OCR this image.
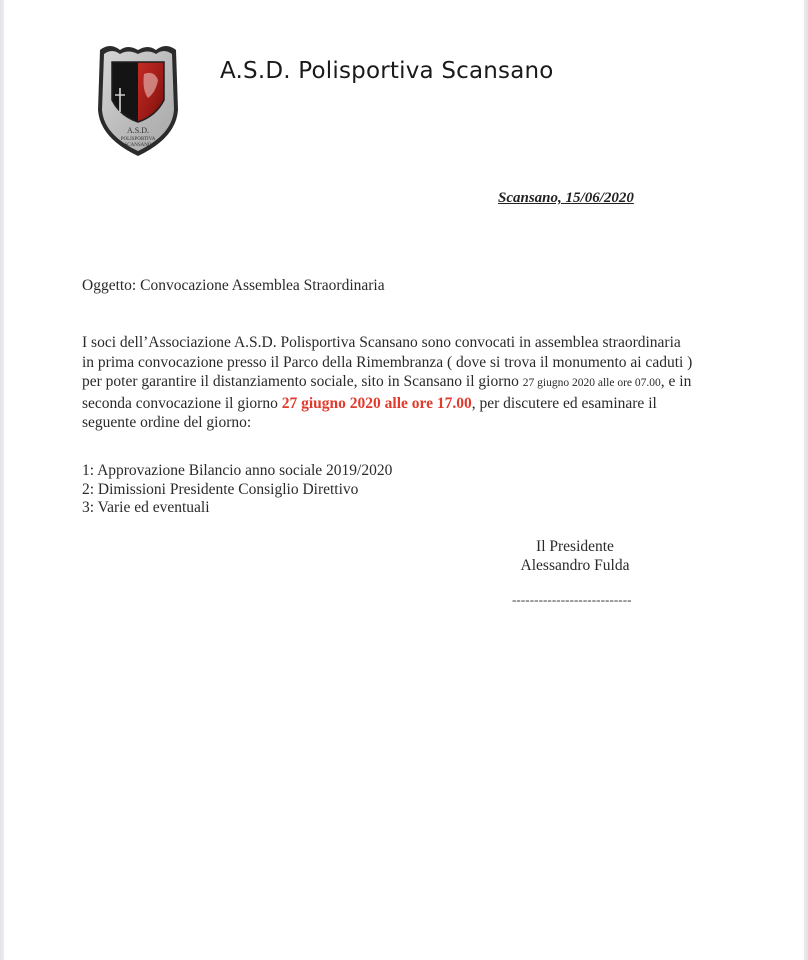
A.S.D.
POLISPORTIVA
SCANSANO
A.S.D. Polisportiva Scansano
Scansano, 15/06/2020
Oggetto: Convocazione Assemblea Straordinaria
I soci dell’Associazione A.S.D. Polisportiva Scansano sono convocati in assemblea straordinaria
in prima convocazione presso il Parco della Rimembranza ( dove si trova il monumento ai caduti )
per poter garantire il distanziamento sociale, sito in Scansano il giorno 27 giugno 2020 alle ore 07.00, e in
seconda convocazione il giorno 27 giugno 2020 alle ore 17.00, per discutere ed esaminare il
seguente ordine del giorno:
1: Approvazione Bilancio anno sociale 2019/2020
2: Dimissioni Presidente Consiglio Direttivo
3: Varie ed eventuali
Il Presidente
Alessandro Fulda
---------------------------
